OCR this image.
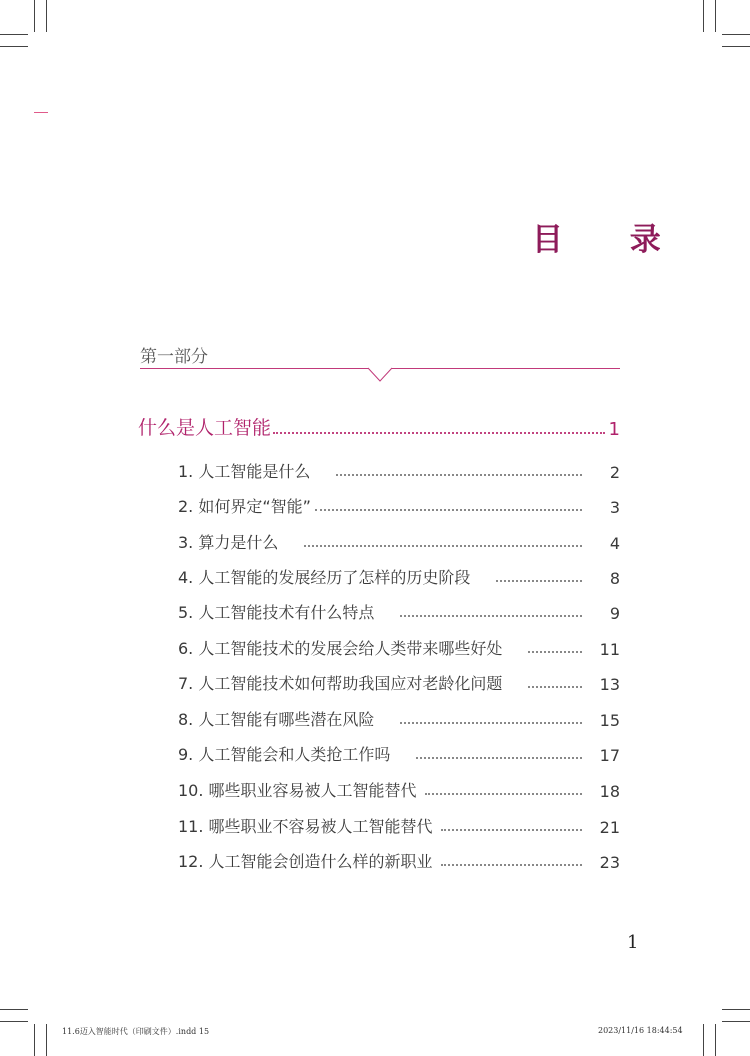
目 录
第一部分
什么是人工智能	1
1. 人工智能是什么	2
2. 如何界定“智能”	3
3. 算力是什么	4
4. 人工智能的发展经历了怎样的历史阶段	8
5. 人工智能技术有什么特点	9
6. 人工智能技术的发展会给人类带来哪些好处	11
7. 人工智能技术如何帮助我国应对老龄化问题	13
8. 人工智能有哪些潜在风险	15
9. 人工智能会和人类抢工作吗	17
10. 哪些职业容易被人工智能替代	18
11. 哪些职业不容易被人工智能替代	21
12. 人工智能会创造什么样的新职业	23
1
11.6迈入智能时代（印刷文件）.indd 15	2023/11/16 18:44:54
